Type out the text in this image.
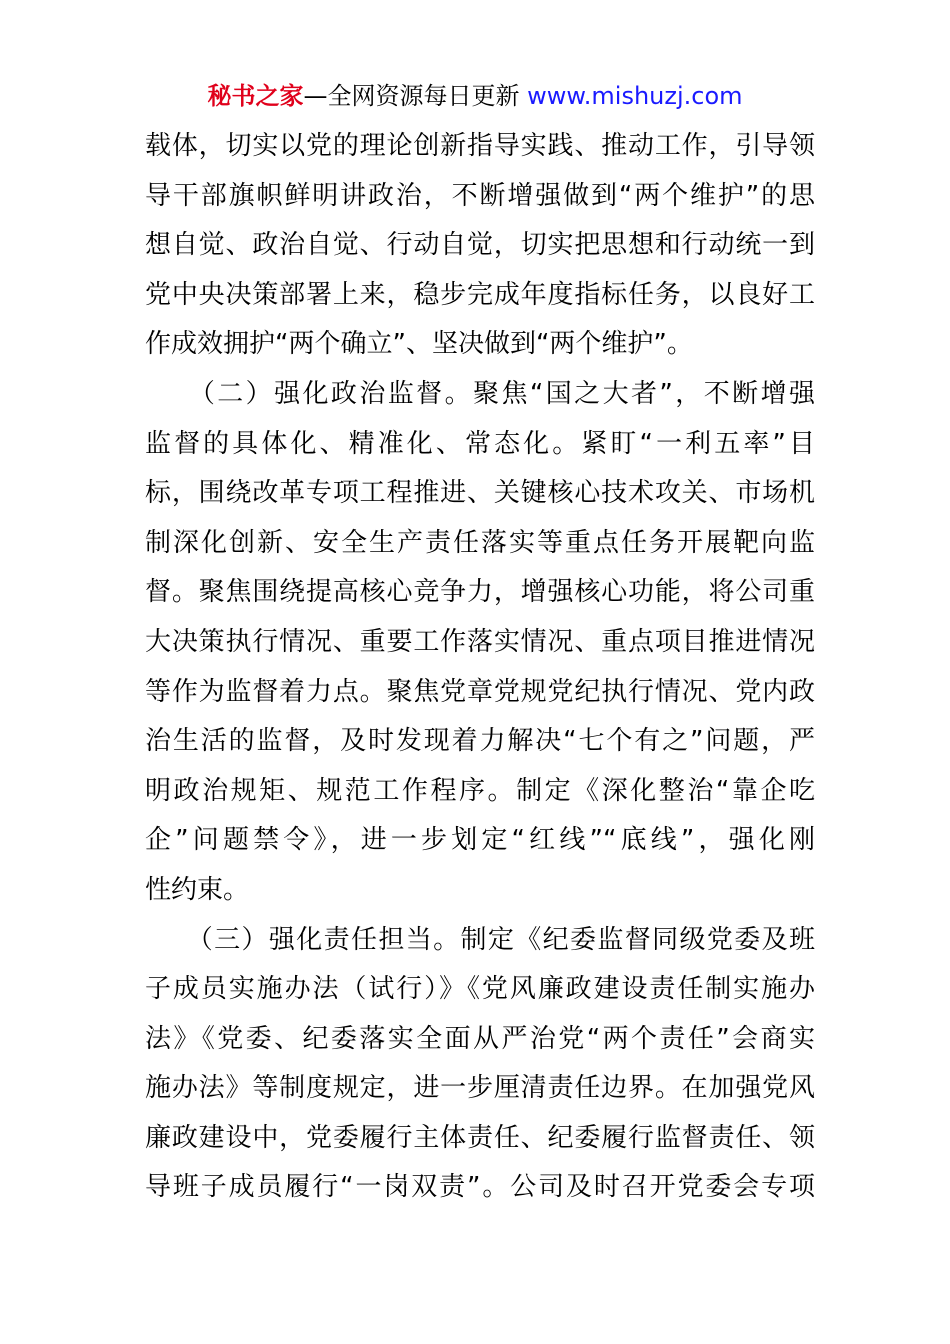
秘书之家—全网资源每日更新 www.mishuzj.com
载体，切实以党的理论创新指导实践、推动工作，引导领
导干部旗帜鲜明讲政治，不断增强做到“两个维护”的思
想自觉、政治自觉、行动自觉，切实把思想和行动统一到
党中央决策部署上来，稳步完成年度指标任务，以良好工
作成效拥护“两个确立”、坚决做到“两个维护”。
　　（二）强化政治监督。聚焦“国之大者”，不断增强
监督的具体化、精准化、常态化。紧盯“一利五率”目
标，围绕改革专项工程推进、关键核心技术攻关、市场机
制深化创新、安全生产责任落实等重点任务开展靶向监
督。聚焦围绕提高核心竞争力，增强核心功能，将公司重
大决策执行情况、重要工作落实情况、重点项目推进情况
等作为监督着力点。聚焦党章党规党纪执行情况、党内政
治生活的监督，及时发现着力解决“七个有之”问题，严
明政治规矩、规范工作程序。制定《深化整治“靠企吃
企”问题禁令》，进一步划定“红线”“底线”，强化刚
性约束。
　　（三）强化责任担当。制定《纪委监督同级党委及班
子成员实施办法（试行）》《党风廉政建设责任制实施办
法》《党委、纪委落实全面从严治党“两个责任”会商实
施办法》等制度规定，进一步厘清责任边界。在加强党风
廉政建设中，党委履行主体责任、纪委履行监督责任、领
导班子成员履行“一岗双责”。公司及时召开党委会专项
